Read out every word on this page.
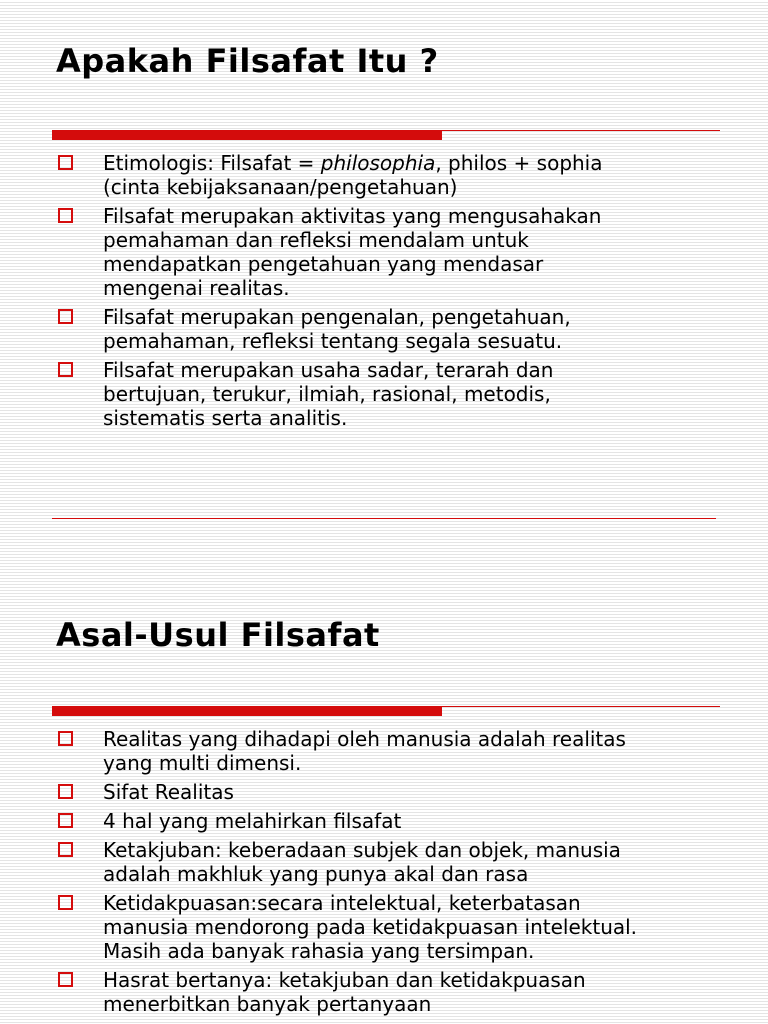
Apakah Filsafat Itu ?
Etimologis: Filsafat = philosophia, philos + sophia
(cinta kebijaksanaan/pengetahuan)
Filsafat merupakan aktivitas yang mengusahakan
pemahaman dan refleksi mendalam untuk
mendapatkan pengetahuan yang mendasar
mengenai realitas.
Filsafat merupakan pengenalan, pengetahuan,
pemahaman, refleksi tentang segala sesuatu.
Filsafat merupakan usaha sadar, terarah dan
bertujuan, terukur, ilmiah, rasional, metodis,
sistematis serta analitis.
Asal-Usul Filsafat
Realitas yang dihadapi oleh manusia adalah realitas
yang multi dimensi.
Sifat Realitas
4 hal yang melahirkan filsafat
Ketakjuban: keberadaan subjek dan objek, manusia
adalah makhluk yang punya akal dan rasa
Ketidakpuasan:secara intelektual, keterbatasan
manusia mendorong pada ketidakpuasan intelektual.
Masih ada banyak rahasia yang tersimpan.
Hasrat bertanya: ketakjuban dan ketidakpuasan
menerbitkan banyak pertanyaan
